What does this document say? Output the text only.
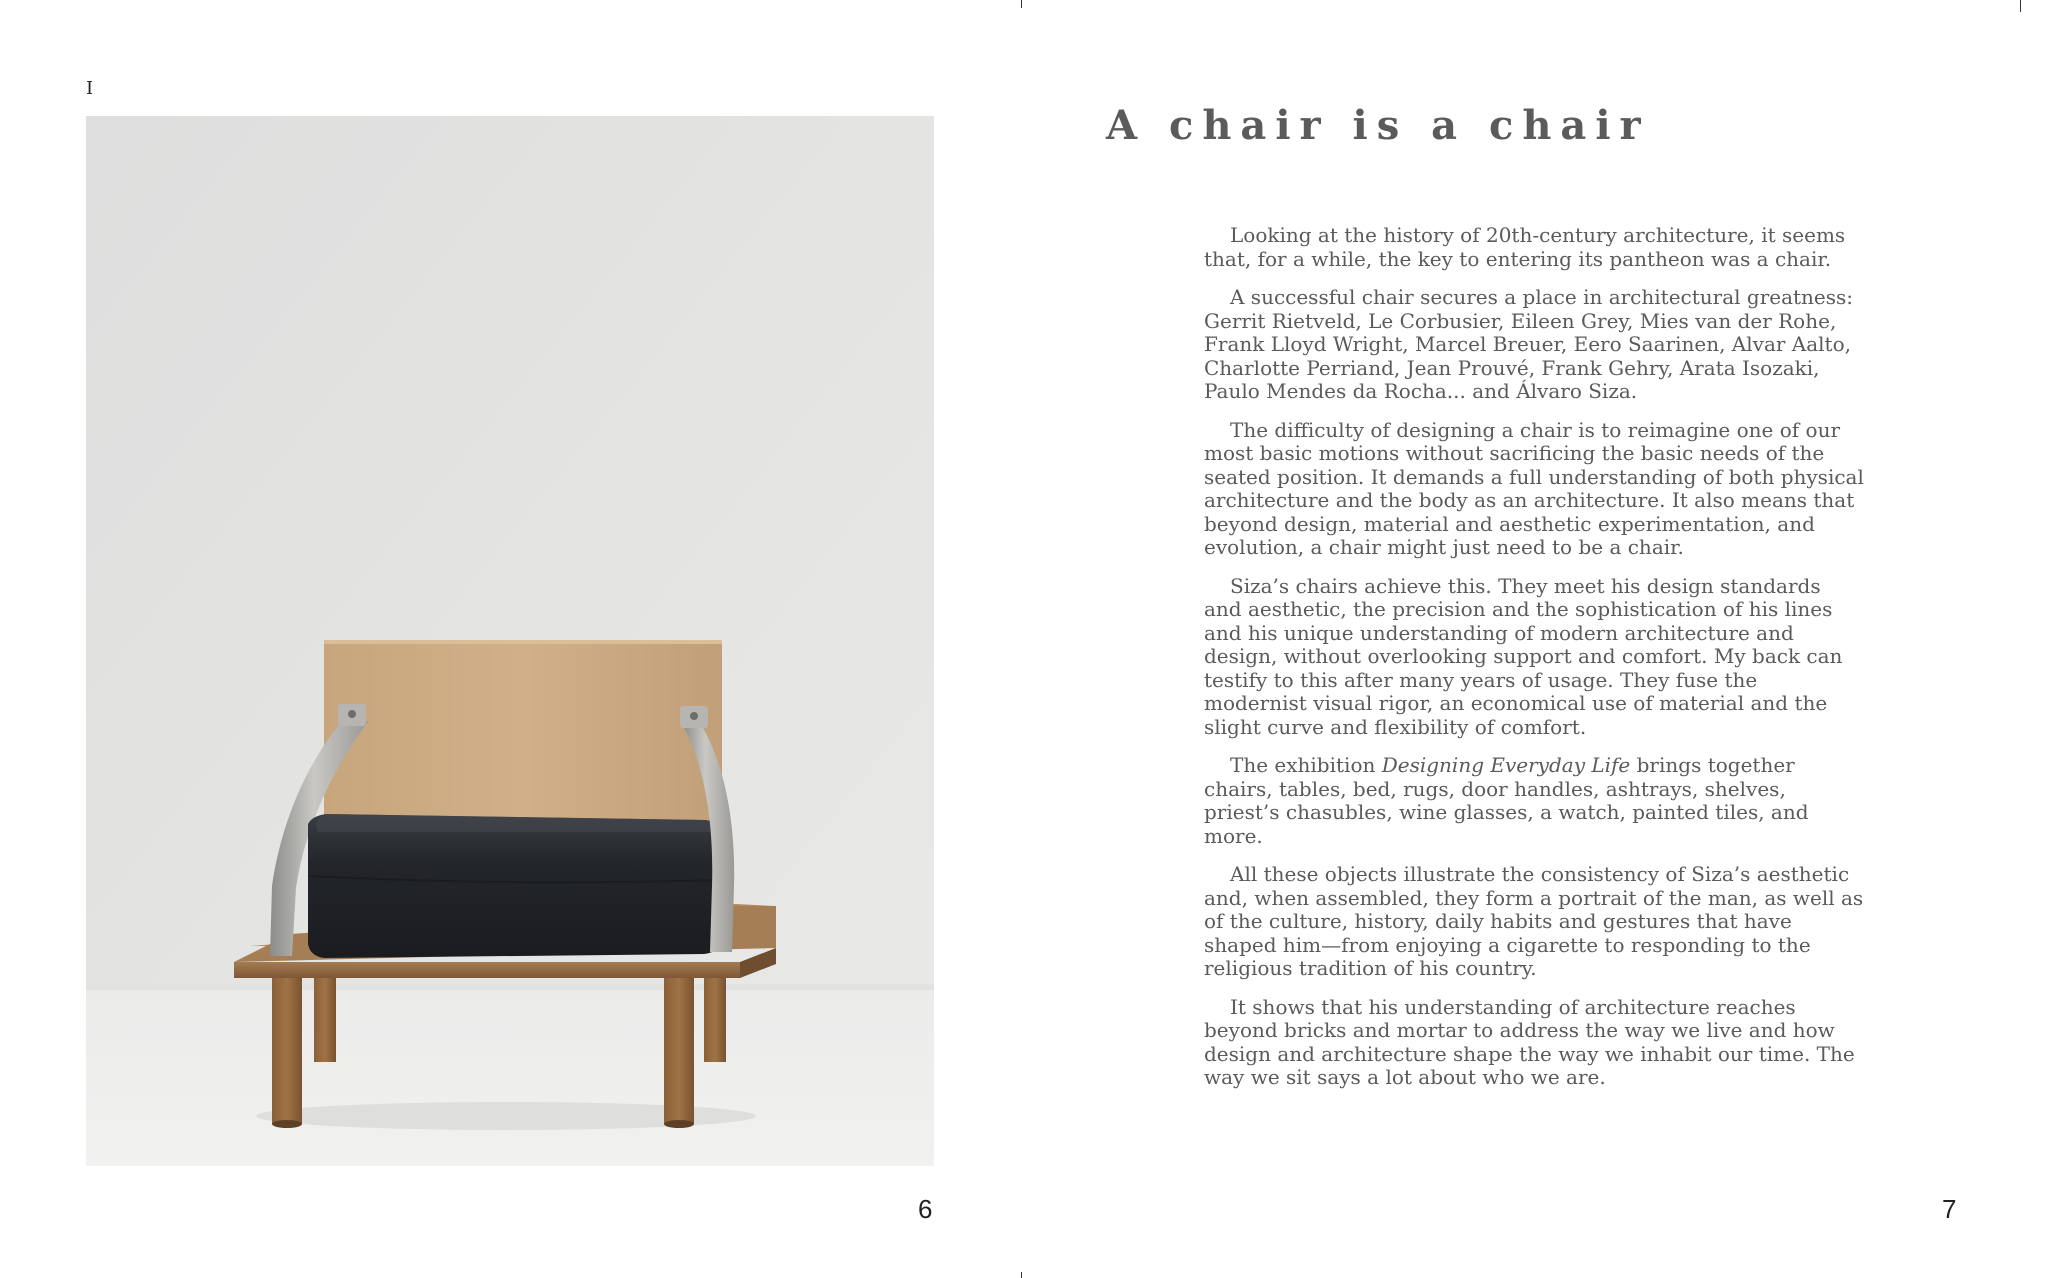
I
6
A chair is a chair

Looking at the history of 20th-century architecture, it seems that, for a while, the key to entering its pantheon was a chair.

A successful chair secures a place in architectural greatness: Gerrit Rietveld, Le Corbusier, Eileen Grey, Mies van der Rohe, Frank Lloyd Wright, Marcel Breuer, Eero Saarinen, Alvar Aalto, Charlotte Perriand, Jean Prouvé, Frank Gehry, Arata Isozaki, Paulo Mendes da Rocha... and Álvaro Siza.

The difficulty of designing a chair is to reimagine one of our most basic motions without sacrificing the basic needs of the seated position. It demands a full understanding of both physical architecture and the body as an architecture. It also means that beyond design, material and aesthetic experimentation, and evolution, a chair might just need to be a chair.

Siza’s chairs achieve this. They meet his design standards and aesthetic, the precision and the sophistication of his lines and his unique understanding of modern architecture and design, without overlooking support and comfort. My back can testify to this after many years of usage. They fuse the modernist visual rigor, an economical use of material and the slight curve and flexibility of comfort.

The exhibition Designing Everyday Life brings together chairs, tables, bed, rugs, door handles, ashtrays, shelves, priest’s chasubles, wine glasses, a watch, painted tiles, and more.

All these objects illustrate the consistency of Siza’s aesthetic and, when assembled, they form a portrait of the man, as well as of the culture, history, daily habits and gestures that have shaped him—from enjoying a cigarette to responding to the religious tradition of his country.

It shows that his understanding of architecture reaches beyond bricks and mortar to address the way we live and how design and architecture shape the way we inhabit our time. The way we sit says a lot about who we are.

7
